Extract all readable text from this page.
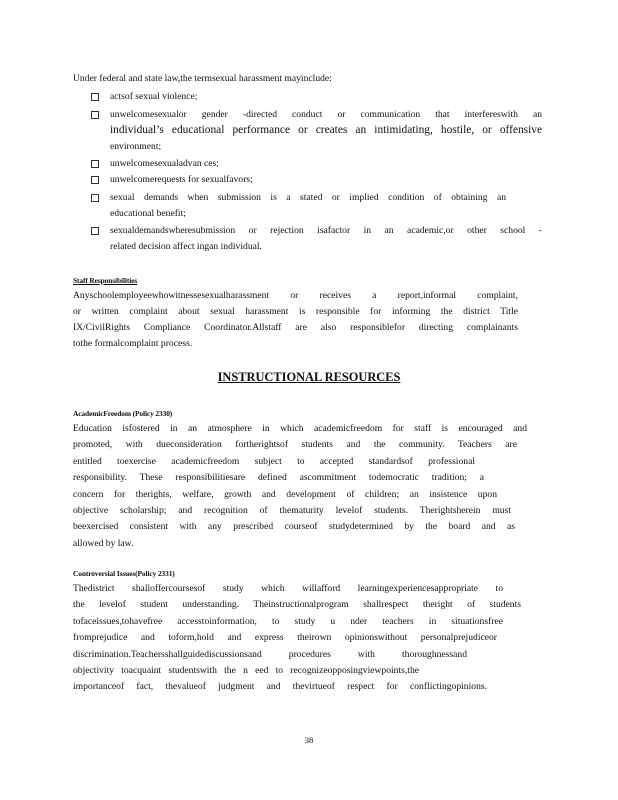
Under federal and state law,the termsexual harassment mayinclude:
actsof sexual violence;
unwelcomesexualor gender -directed conduct or communication that interfereswith an
individual’s educational performance or creates an intimidating, hostile, or offensive
environment;
unwelcomesexualadvan ces;
unwelcomerequests for sexualfavors;
sexual demands when submission is a stated or implied condition of obtaining an
educational benefit;
sexualdemandswheresubmission or rejection isafactor in an academic,or other school -
related decision affect ingan individual.
Staff Responsibilities
Anyschoolemployeewhowitnessesexualharassment or receives a report,informal complaint,
or written complaint about sexual harassment is responsible for informing the district Title
IX/CivilRights Compliance Coordinator.Allstaff are also responsiblefor directing complainants
tothe formalcomplaint process.
INSTRUCTIONAL RESOURCES
AcademicFreedom (Policy 2330)
Education isfostered in an atmosphere in which academicfreedom for staff is encouraged and
promoted, with dueconsideration fortherightsof students and the community. Teachers are
entitled toexercise academicfreedom subject to accepted standardsof professional
responsibility. These responsibilitiesare defined ascommitment todemocratic tradition; a
concern for therights, welfare, growth and development of children; an insistence upon
objective scholarship; and recognition of thematurity levelof students. Therightsherein must
beexercised consistent with any prescribed courseof studydetermined by the board and as
allowed by law.
Controversial Issues(Policy 2331)
Thedistrict shalloffercoursesof study which willafford learningexperiencesappropriate to
the levelof student understanding. Theinstructionalprogram shallrespect theright of students
tofaceissues,tohavefree accesstoinformation, to study u nder teachers in situationsfree
fromprejudice and toform,hold and express theirown opinionswithout personalprejudiceor
discrimination.Teachersshallguidediscussionsand procedures with thoroughnessand
objectivity toacquaint studentswith the n eed to recognizeopposingviewpoints,the
importanceof fact, thevalueof judgment and thevirtueof respect for conflictingopinions.
38
